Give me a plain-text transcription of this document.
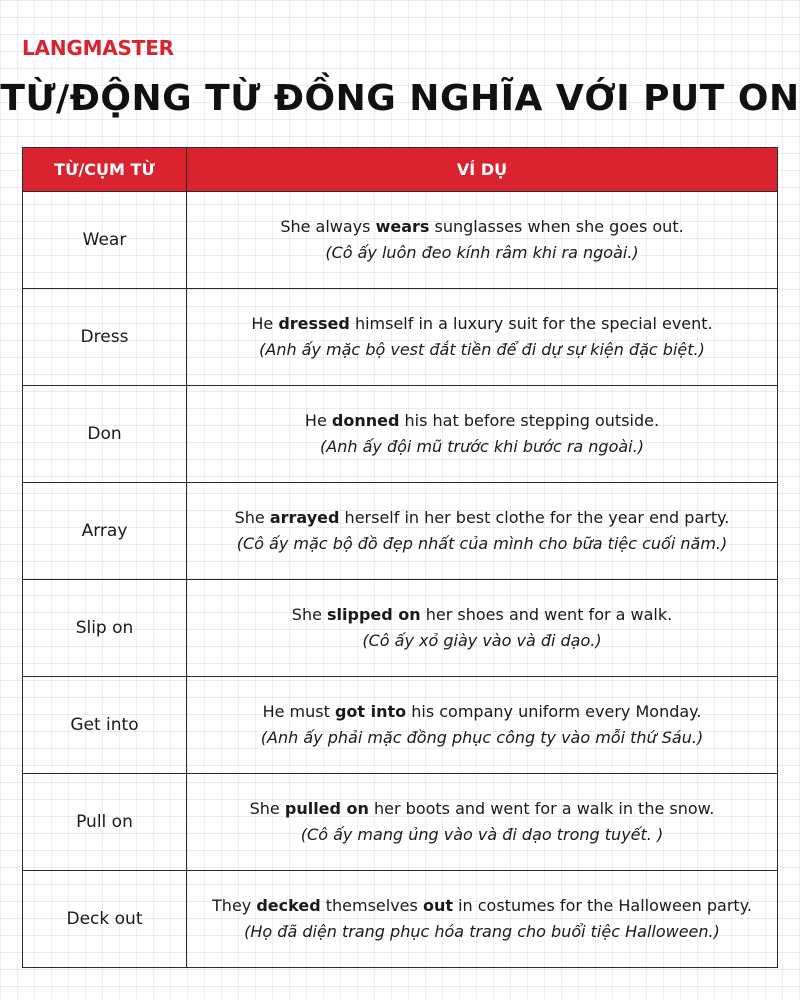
LANGMASTER
TỪ/ĐỘNG TỪ ĐỒNG NGHĨA VỚI PUT ON
TỪ/CỤM TỪ	VÍ DỤ
Wear	She always wears sunglasses when she goes out.
(Cô ấy luôn đeo kính râm khi ra ngoài.)

Dress	He dressed himself in a luxury suit for the special event.
(Anh ấy mặc bộ vest đắt tiền để đi dự sự kiện đặc biệt.)

Don	He donned his hat before stepping outside.
(Anh ấy đội mũ trước khi bước ra ngoài.)

Array	She arrayed herself in her best clothe for the year end party.
(Cô ấy mặc bộ đồ đẹp nhất của mình cho bữa tiệc cuối năm.)

Slip on	She slipped on her shoes and went for a walk.
(Cô ấy xỏ giày vào và đi dạo.)

Get into	He must got into his company uniform every Monday.
(Anh ấy phải mặc đồng phục công ty vào mỗi thứ Sáu.)

Pull on	She pulled on her boots and went for a walk in the snow.
(Cô ấy mang ủng vào và đi dạo trong tuyết. )

Deck out	They decked themselves out in costumes for the Halloween party.
(Họ đã diện trang phục hóa trang cho buổi tiệc Halloween.)
